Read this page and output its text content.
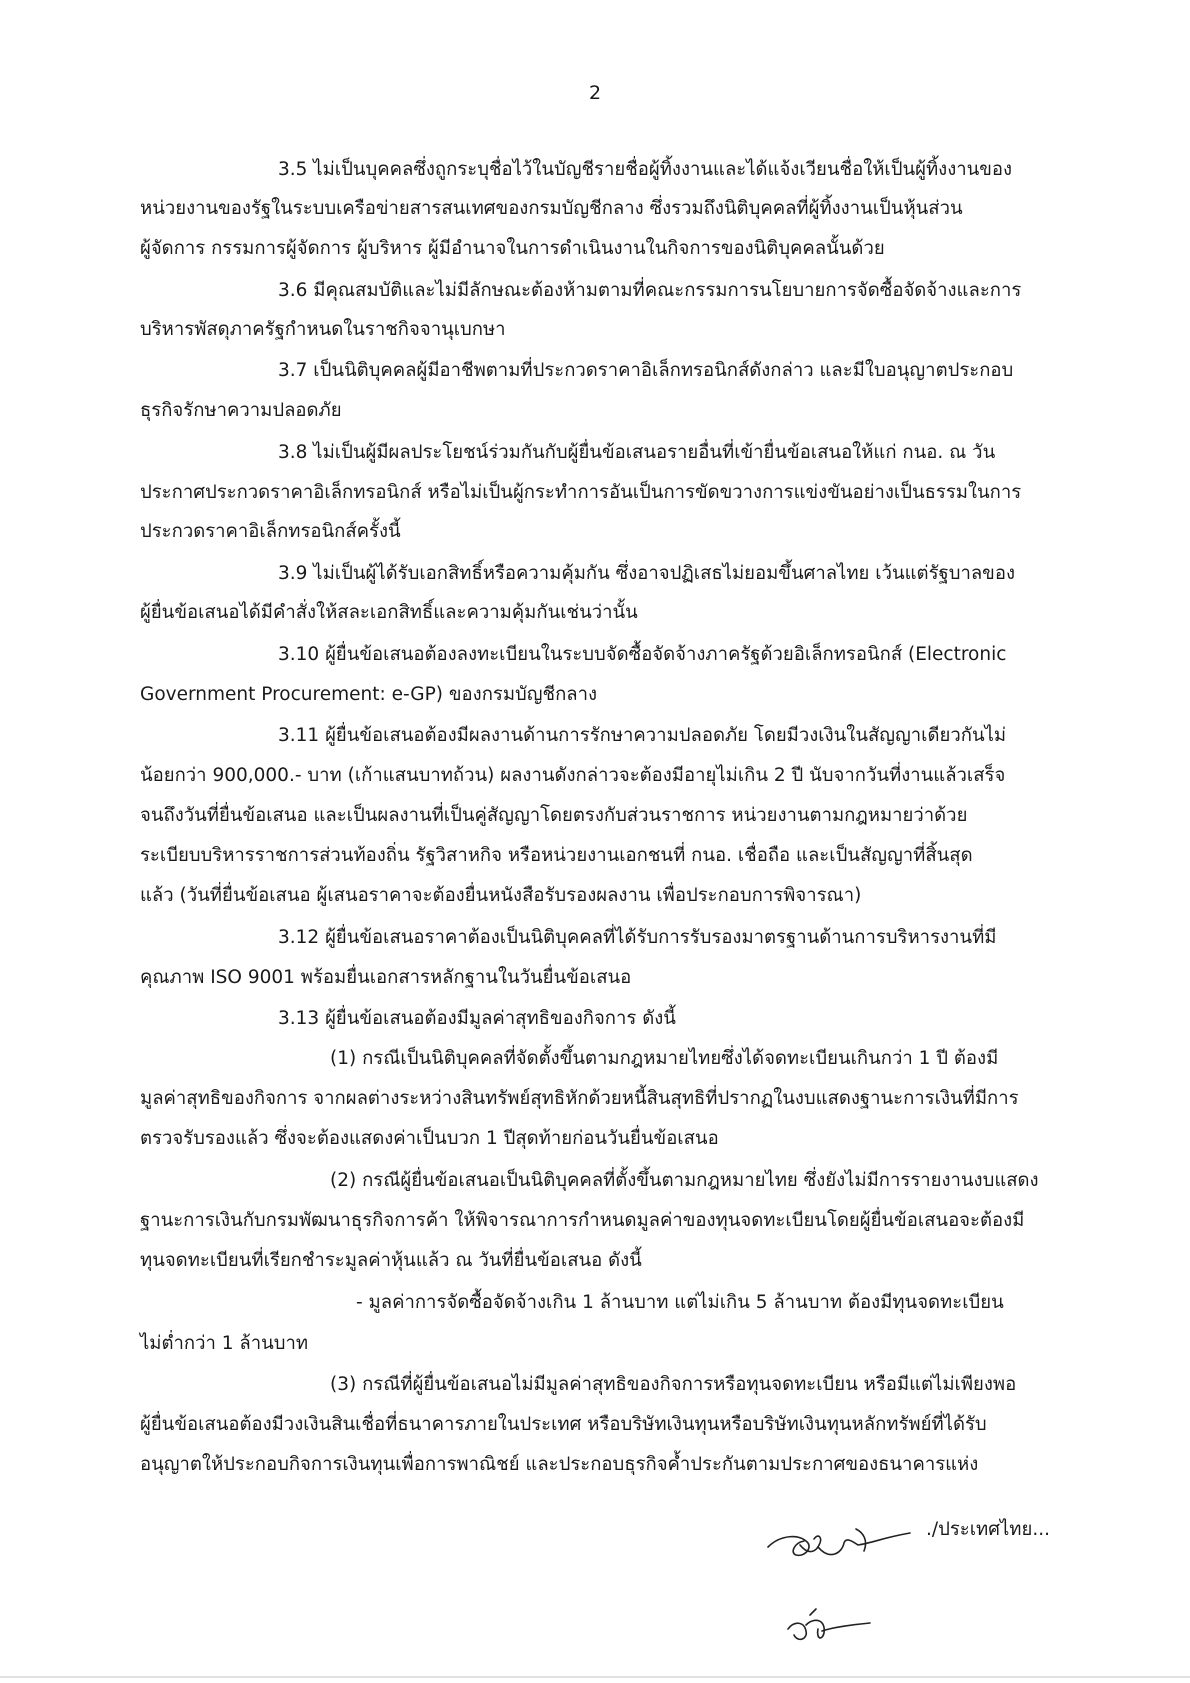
2
3.5 ไม่เป็นบุคคลซึ่งถูกระบุชื่อไว้ในบัญชีรายชื่อผู้ทิ้งงานและได้แจ้งเวียนชื่อให้เป็นผู้ทิ้งงานของ
หน่วยงานของรัฐในระบบเครือข่ายสารสนเทศของกรมบัญชีกลาง ซึ่งรวมถึงนิติบุคคลที่ผู้ทิ้งงานเป็นหุ้นส่วน
ผู้จัดการ กรรมการผู้จัดการ ผู้บริหาร ผู้มีอำนาจในการดำเนินงานในกิจการของนิติบุคคลนั้นด้วย
3.6 มีคุณสมบัติและไม่มีลักษณะต้องห้ามตามที่คณะกรรมการนโยบายการจัดซื้อจัดจ้างและการ
บริหารพัสดุภาครัฐกำหนดในราชกิจจานุเบกษา
3.7 เป็นนิติบุคคลผู้มีอาชีพตามที่ประกวดราคาอิเล็กทรอนิกส์ดังกล่าว และมีใบอนุญาตประกอบ
ธุรกิจรักษาความปลอดภัย
3.8 ไม่เป็นผู้มีผลประโยชน์ร่วมกันกับผู้ยื่นข้อเสนอรายอื่นที่เข้ายื่นข้อเสนอให้แก่ กนอ. ณ วัน
ประกาศประกวดราคาอิเล็กทรอนิกส์ หรือไม่เป็นผู้กระทำการอันเป็นการขัดขวางการแข่งขันอย่างเป็นธรรมในการ
ประกวดราคาอิเล็กทรอนิกส์ครั้งนี้
3.9 ไม่เป็นผู้ได้รับเอกสิทธิ์หรือความคุ้มกัน ซึ่งอาจปฏิเสธไม่ยอมขึ้นศาลไทย เว้นแต่รัฐบาลของ
ผู้ยื่นข้อเสนอได้มีคำสั่งให้สละเอกสิทธิ์และความคุ้มกันเช่นว่านั้น
3.10 ผู้ยื่นข้อเสนอต้องลงทะเบียนในระบบจัดซื้อจัดจ้างภาครัฐด้วยอิเล็กทรอนิกส์ (Electronic
Government Procurement: e-GP) ของกรมบัญชีกลาง
3.11 ผู้ยื่นข้อเสนอต้องมีผลงานด้านการรักษาความปลอดภัย โดยมีวงเงินในสัญญาเดียวกันไม่
น้อยกว่า 900,000.- บาท (เก้าแสนบาทถ้วน) ผลงานดังกล่าวจะต้องมีอายุไม่เกิน 2 ปี นับจากวันที่งานแล้วเสร็จ
จนถึงวันที่ยื่นข้อเสนอ และเป็นผลงานที่เป็นคู่สัญญาโดยตรงกับส่วนราชการ หน่วยงานตามกฎหมายว่าด้วย
ระเบียบบริหารราชการส่วนท้องถิ่น รัฐวิสาหกิจ หรือหน่วยงานเอกชนที่ กนอ. เชื่อถือ และเป็นสัญญาที่สิ้นสุด
แล้ว (วันที่ยื่นข้อเสนอ ผู้เสนอราคาจะต้องยื่นหนังสือรับรองผลงาน เพื่อประกอบการพิจารณา)
3.12 ผู้ยื่นข้อเสนอราคาต้องเป็นนิติบุคคลที่ได้รับการรับรองมาตรฐานด้านการบริหารงานที่มี
คุณภาพ ISO 9001 พร้อมยื่นเอกสารหลักฐานในวันยื่นข้อเสนอ
3.13 ผู้ยื่นข้อเสนอต้องมีมูลค่าสุทธิของกิจการ ดังนี้
(1) กรณีเป็นนิติบุคคลที่จัดตั้งขึ้นตามกฎหมายไทยซึ่งได้จดทะเบียนเกินกว่า 1 ปี ต้องมี
มูลค่าสุทธิของกิจการ จากผลต่างระหว่างสินทรัพย์สุทธิหักด้วยหนี้สินสุทธิที่ปรากฏในงบแสดงฐานะการเงินที่มีการ
ตรวจรับรองแล้ว ซึ่งจะต้องแสดงค่าเป็นบวก 1 ปีสุดท้ายก่อนวันยื่นข้อเสนอ
(2) กรณีผู้ยื่นข้อเสนอเป็นนิติบุคคลที่ตั้งขึ้นตามกฎหมายไทย ซึ่งยังไม่มีการรายงานงบแสดง
ฐานะการเงินกับกรมพัฒนาธุรกิจการค้า ให้พิจารณาการกำหนดมูลค่าของทุนจดทะเบียนโดยผู้ยื่นข้อเสนอจะต้องมี
ทุนจดทะเบียนที่เรียกชำระมูลค่าหุ้นแล้ว ณ วันที่ยื่นข้อเสนอ ดังนี้
- มูลค่าการจัดซื้อจัดจ้างเกิน 1 ล้านบาท แต่ไม่เกิน 5 ล้านบาท ต้องมีทุนจดทะเบียน
ไม่ต่ำกว่า 1 ล้านบาท
(3) กรณีที่ผู้ยื่นข้อเสนอไม่มีมูลค่าสุทธิของกิจการหรือทุนจดทะเบียน หรือมีแต่ไม่เพียงพอ
ผู้ยื่นข้อเสนอต้องมีวงเงินสินเชื่อที่ธนาคารภายในประเทศ หรือบริษัทเงินทุนหรือบริษัทเงินทุนหลักทรัพย์ที่ได้รับ
อนุญาตให้ประกอบกิจการเงินทุนเพื่อการพาณิชย์ และประกอบธุรกิจค้ำประกันตามประกาศของธนาคารแห่ง
./ประเทศไทย...
